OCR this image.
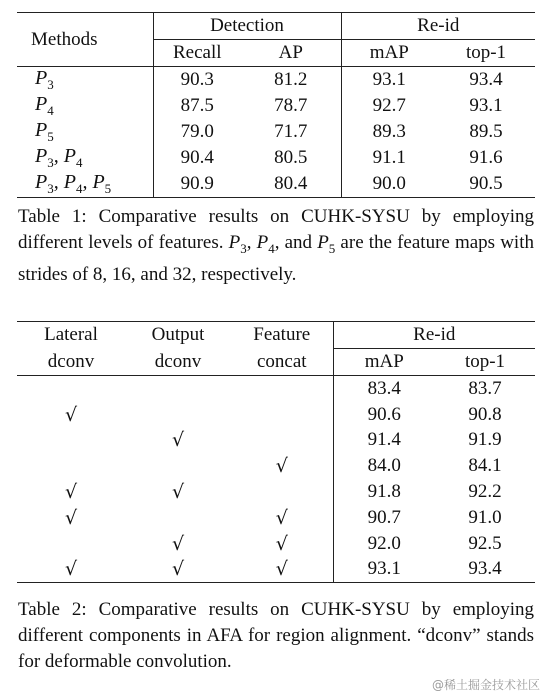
Methods	Detection		Re-id	
	Recall	AP	mAP	top-1
$P_3$	90.3	81.2	93.1	93.4
$P_4$	87.5	78.7	92.7	93.1
$P_5$	79.0	71.7	89.3	89.5
$P_3$, $P_4$	90.4	80.5	91.1	91.6
$P_3$, $P_4$, $P_5$	90.9	80.4	90.0	90.5
Table 1: Comparative results on CUHK-SYSU by employing different levels of features. $P_3$, $P_4$, and $P_5$ are the feature maps with strides of 8, 16, and 32, respectively.
Lateral	Output	Feature	Re-id	
dconv	dconv	concat	mAP	top-1
			83.4	83.7
√			90.6	90.8
	√		91.4	91.9
		√	84.0	84.1
√	√		91.8	92.2
√		√	90.7	91.0
	√	√	92.0	92.5
√	√	√	93.1	93.4
Table 2: Comparative results on CUHK-SYSU by employing different components in AFA for region alignment. “dconv” stands for deformable convolution.
@稀土掘金技术社区
